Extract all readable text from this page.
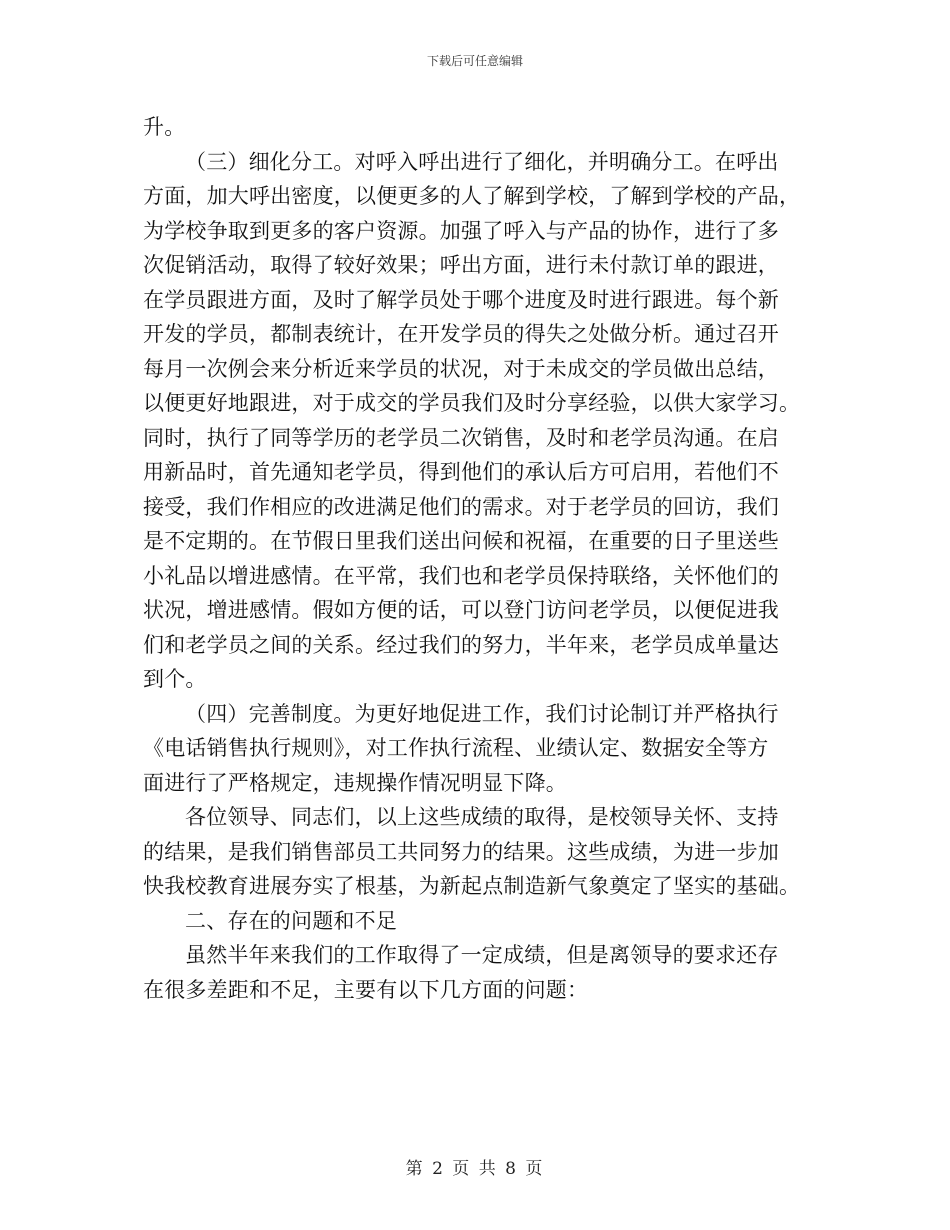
下载后可任意编辑
升。
（三）细化分工。对呼入呼出进行了细化，并明确分工。在呼出
方面，加大呼出密度，以便更多的人了解到学校，了解到学校的产品，
为学校争取到更多的客户资源。加强了呼入与产品的协作，进行了多
次促销活动，取得了较好效果；呼出方面，进行未付款订单的跟进，
在学员跟进方面，及时了解学员处于哪个进度及时进行跟进。每个新
开发的学员，都制表统计，在开发学员的得失之处做分析。通过召开
每月一次例会来分析近来学员的状况，对于未成交的学员做出总结，
以便更好地跟进，对于成交的学员我们及时分享经验，以供大家学习。
同时，执行了同等学历的老学员二次销售，及时和老学员沟通。在启
用新品时，首先通知老学员，得到他们的承认后方可启用，若他们不
接受，我们作相应的改进满足他们的需求。对于老学员的回访，我们
是不定期的。在节假日里我们送出问候和祝福，在重要的日子里送些
小礼品以增进感情。在平常，我们也和老学员保持联络，关怀他们的
状况，增进感情。假如方便的话，可以登门访问老学员，以便促进我
们和老学员之间的关系。经过我们的努力，半年来，老学员成单量达
到个。
（四）完善制度。为更好地促进工作，我们讨论制订并严格执行
《电话销售执行规则》，对工作执行流程、业绩认定、数据安全等方
面进行了严格规定，违规操作情况明显下降。
各位领导、同志们，以上这些成绩的取得，是校领导关怀、支持
的结果，是我们销售部员工共同努力的结果。这些成绩，为进一步加
快我校教育进展夯实了根基，为新起点制造新气象奠定了坚实的基础。
二、存在的问题和不足
虽然半年来我们的工作取得了一定成绩，但是离领导的要求还存
在很多差距和不足，主要有以下几方面的问题：
第 2 页 共 8 页
